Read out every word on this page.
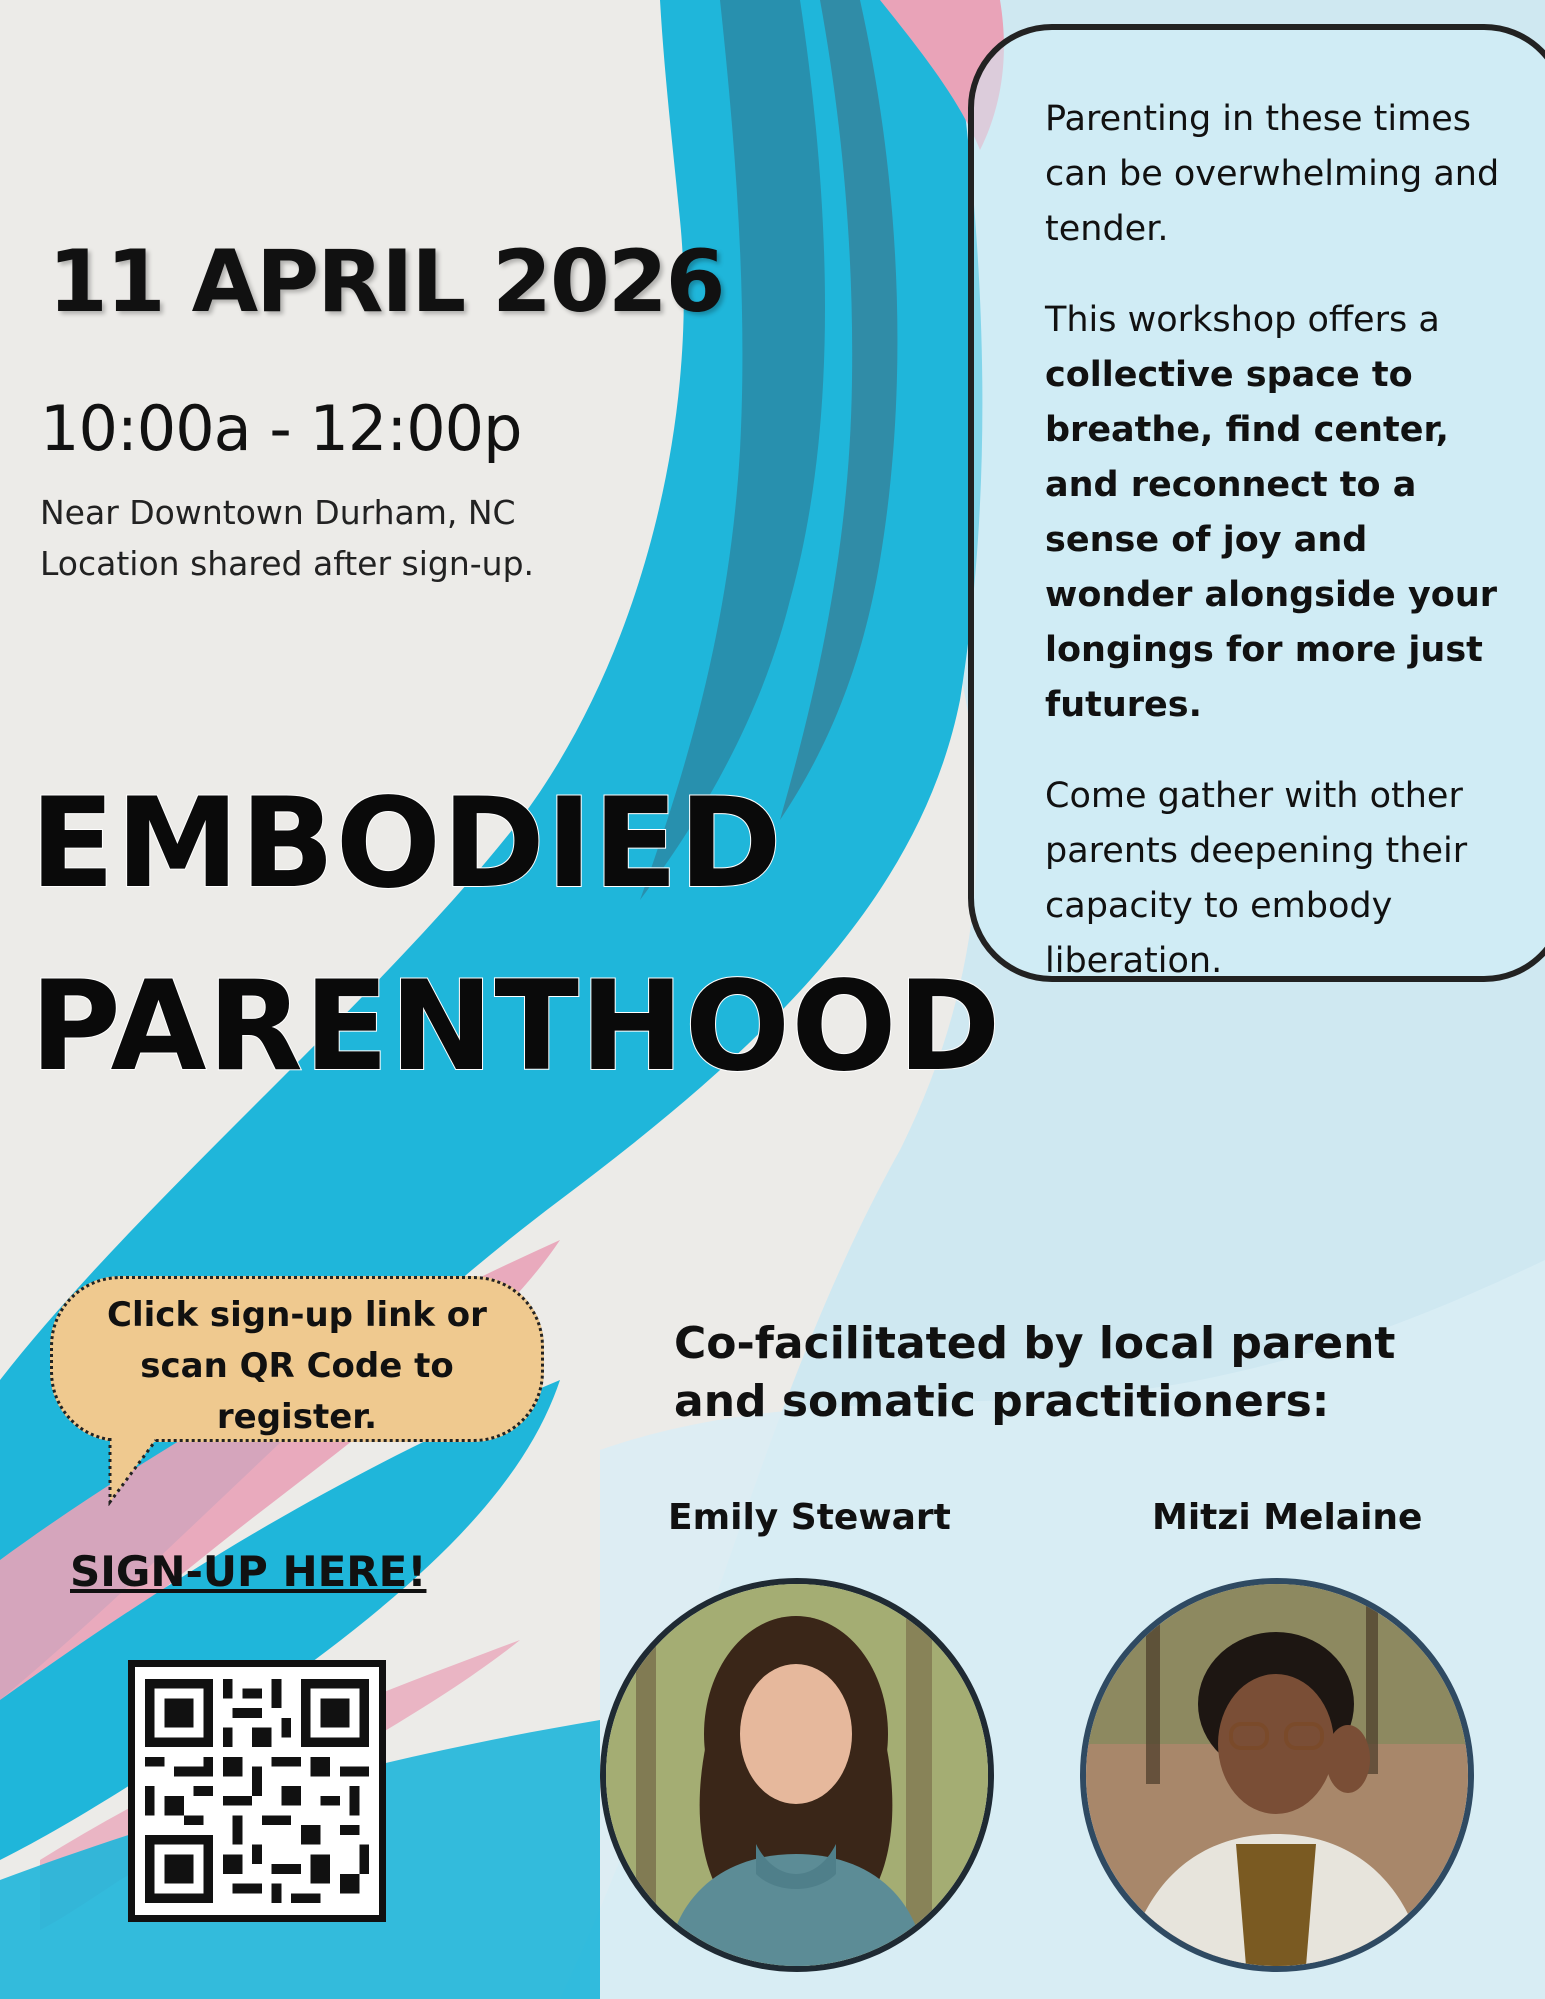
11 APRIL 2026
10:00a - 12:00p
Near Downtown Durham, NC
Location shared after sign-up.
EMBODIED
PARENTHOOD

Parenting in these times can be overwhelming and tender.

This workshop offers a collective space to breathe, find center, and reconnect to a sense of joy and wonder alongside your longings for more just futures.

Come gather with other parents deepening their capacity to embody liberation.

Click sign-up link or scan QR Code to register.
SIGN-UP HERE!
Co-facilitated by local parent and somatic practitioners:
Emily Stewart	Mitzi Melaine
